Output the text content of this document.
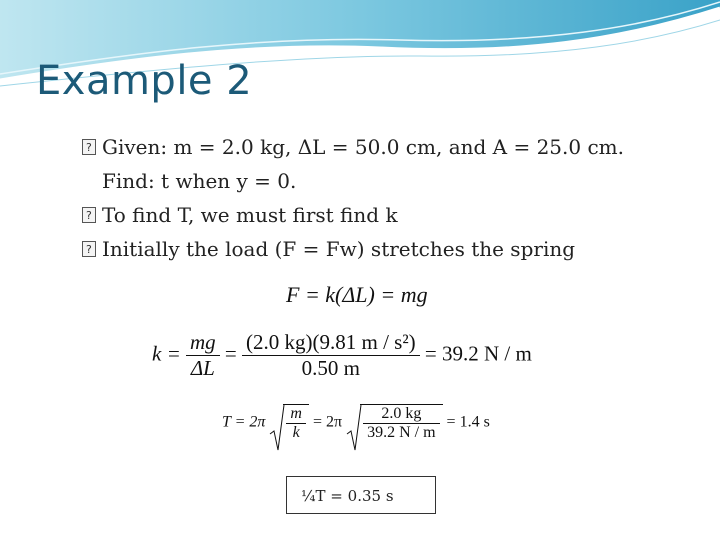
Example 2
?
Given: m = 2.0 kg, ΔL = 50.0 cm, and A = 25.0 cm.
Find: t when y = 0.
?
To find T, we must first find k
?
Initially the load (F = Fw) stretches the spring
F = k(ΔL) = mg
$k = \frac{mg}{\Delta L} = \frac{\text{(2.0 kg)(9.81 m / s²)}}{0.50 m} = 39.2$ N / m
$T = 2\pi \frac{m}{k} = 2\pi \frac{2.0 kg}{39.2 N / m} = 1.4$ s
¼T = 0.35 s
